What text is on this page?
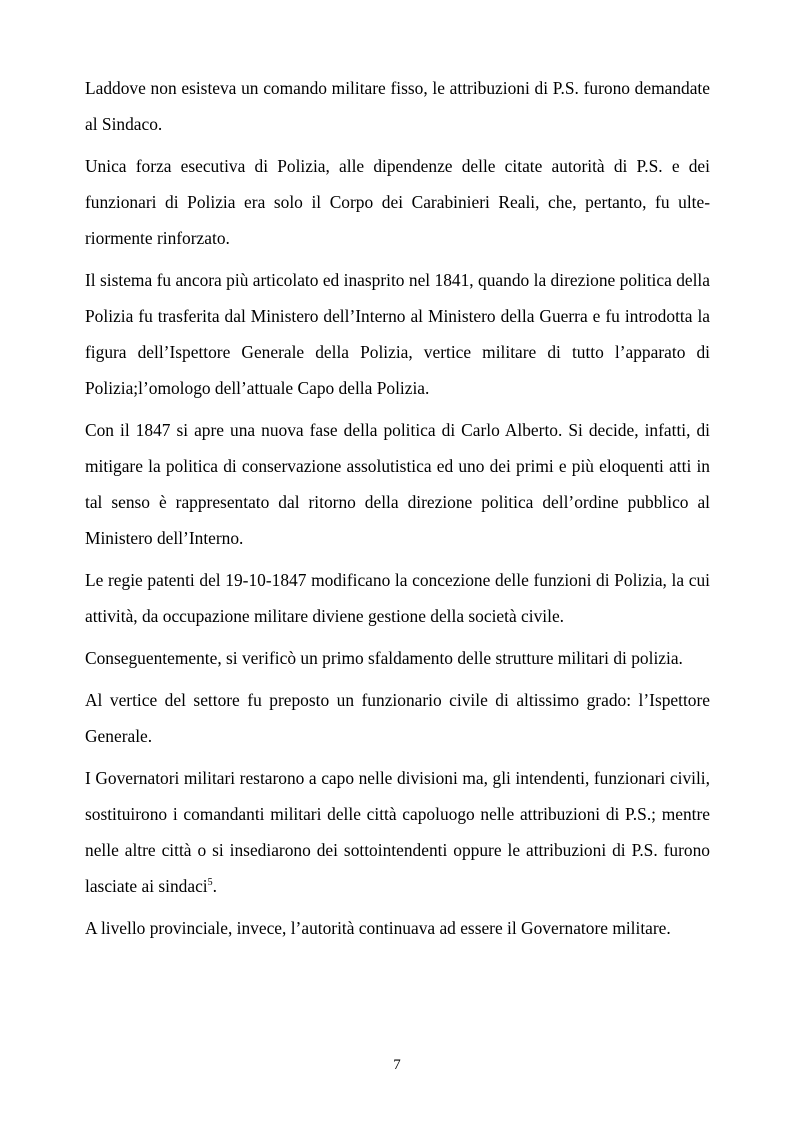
Laddove non esisteva un comando militare fisso, le attribuzioni di P.S. furono demandate al Sindaco.

Unica forza esecutiva di Polizia, alle dipendenze delle citate autorità di P.S. e dei funzionari di Polizia era solo il Corpo dei Carabinieri Reali, che, pertanto, fu ulteriormente rinforzato.

Il sistema fu ancora più articolato ed inasprito nel 1841, quando la direzione politica della Polizia fu trasferita dal Ministero dell’Interno al Ministero della Guerra e fu introdotta la figura dell’Ispettore Generale della Polizia, vertice militare di tutto l’apparato di Polizia;l’omologo dell’attuale Capo della Polizia.

Con il 1847 si apre una nuova fase della politica di Carlo Alberto. Si decide, infatti, di mitigare la politica di conservazione assolutistica ed uno dei primi e più eloquenti atti in tal senso è rappresentato dal ritorno della direzione politica dell’ordine pubblico al Ministero dell’Interno.

Le regie patenti del 19-10-1847 modificano la concezione delle funzioni di Polizia, la cui attività, da occupazione militare diviene gestione della società civile.

Conseguentemente, si verificò un primo sfaldamento delle strutture militari di polizia.

Al vertice del settore fu preposto un funzionario civile di altissimo grado: l’Ispettore Generale.

I Governatori militari restarono a capo nelle divisioni ma, gli intendenti, funzionari civili, sostituirono i comandanti militari delle città capoluogo nelle attribuzioni di P.S.; mentre nelle altre città o si insediarono dei sottointendenti oppure le attribuzioni di P.S. furono lasciate ai sindaci$^5$.

A livello provinciale, invece, l’autorità continuava ad essere il Governatore militare.

7
